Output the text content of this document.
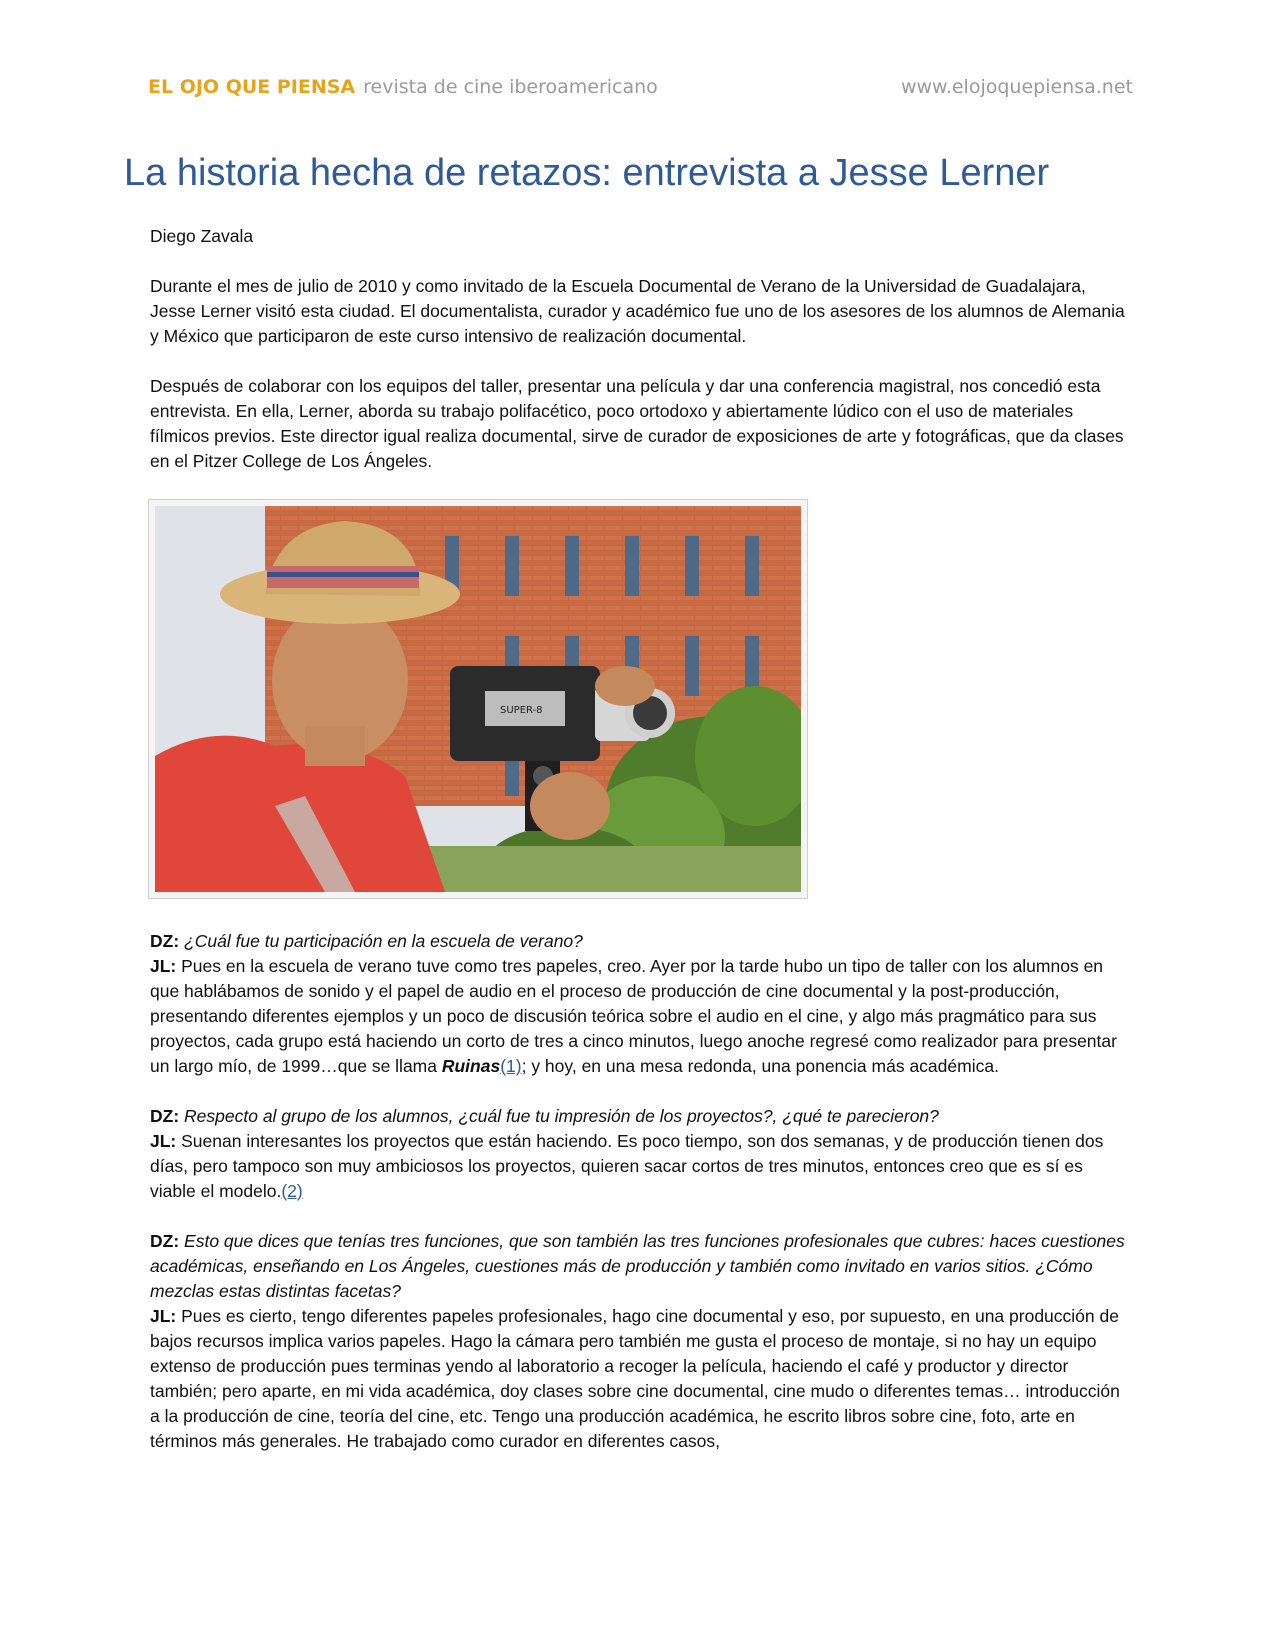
EL OJO QUE PIENSA revista de cine iberoamericano	www.elojoquepiensa.net
La historia hecha de retazos: entrevista a Jesse Lerner

Diego Zavala

Durante el mes de julio de 2010 y como invitado de la Escuela Documental de Verano de la Universidad de Guadalajara, Jesse Lerner visitó esta ciudad. El documentalista, curador y académico fue uno de los asesores de los alumnos de Alemania y México que participaron de este curso intensivo de realización documental.

Después de colaborar con los equipos del taller, presentar una película y dar una conferencia magistral, nos concedió esta entrevista. En ella, Lerner, aborda su trabajo polifacético, poco ortodoxo y abiertamente lúdico con el uso de materiales fílmicos previos. Este director igual realiza documental, sirve de curador de exposiciones de arte y fotográficas, que da clases en el Pitzer College de Los Ángeles.

SUPER-8

DZ: ¿Cuál fue tu participación en la escuela de verano?
JL: Pues en la escuela de verano tuve como tres papeles, creo. Ayer por la tarde hubo un tipo de taller con los alumnos en que hablábamos de sonido y el papel de audio en el proceso de producción de cine documental y la post-producción, presentando diferentes ejemplos y un poco de discusión teórica sobre el audio en el cine, y algo más pragmático para sus proyectos, cada grupo está haciendo un corto de tres a cinco minutos, luego anoche regresé como realizador para presentar un largo mío, de 1999…que se llama Ruinas(1); y hoy, en una mesa redonda, una ponencia más académica.

DZ: Respecto al grupo de los alumnos, ¿cuál fue tu impresión de los proyectos?, ¿qué te parecieron?
JL: Suenan interesantes los proyectos que están haciendo. Es poco tiempo, son dos semanas, y de producción tienen dos días, pero tampoco son muy ambiciosos los proyectos, quieren sacar cortos de tres minutos, entonces creo que es sí es viable el modelo.(2)

DZ: Esto que dices que tenías tres funciones, que son también las tres funciones profesionales que cubres: haces cuestiones académicas, enseñando en Los Ángeles, cuestiones más de producción y también como invitado en varios sitios. ¿Cómo mezclas estas distintas facetas?
JL: Pues es cierto, tengo diferentes papeles profesionales, hago cine documental y eso, por supuesto, en una producción de bajos recursos implica varios papeles. Hago la cámara pero también me gusta el proceso de montaje, si no hay un equipo extenso de producción pues terminas yendo al laboratorio a recoger la película, haciendo el café y productor y director también; pero aparte, en mi vida académica, doy clases sobre cine documental, cine mudo o diferentes temas… introducción a la producción de cine, teoría del cine, etc. Tengo una producción académica, he escrito libros sobre cine, foto, arte en términos más generales. He trabajado como curador en diferentes casos,
